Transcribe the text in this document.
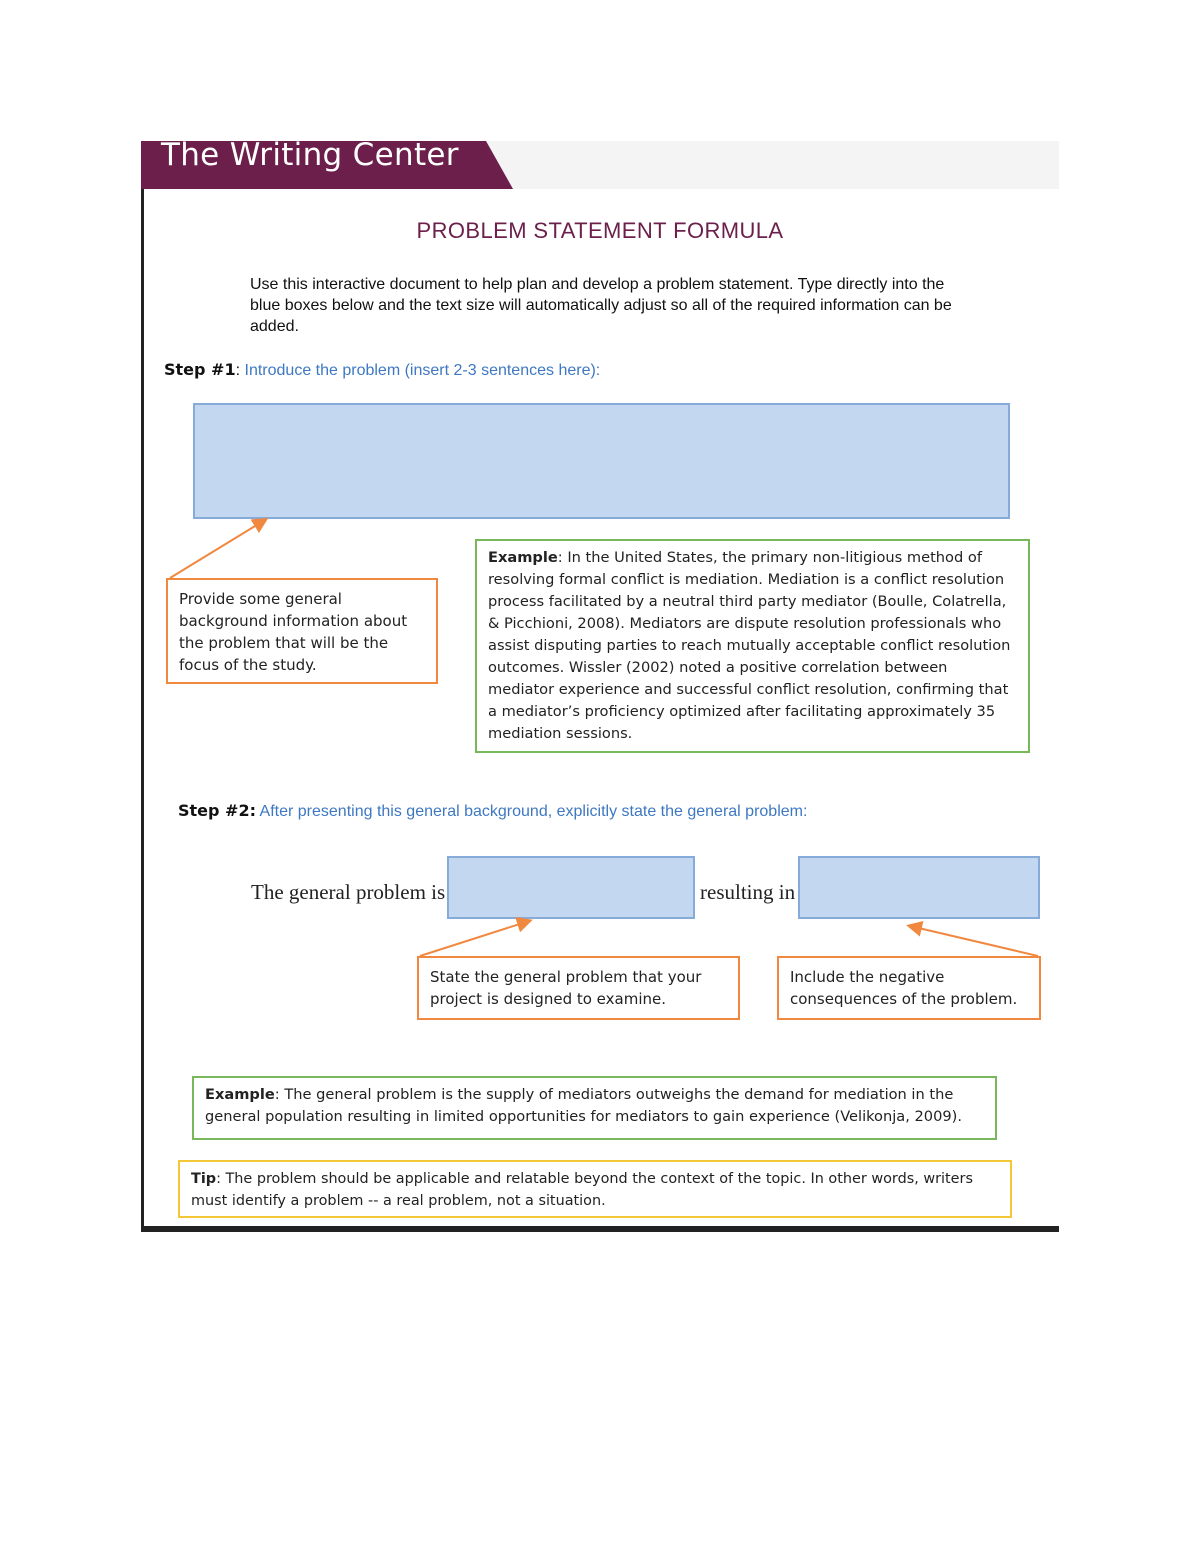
The Writing Center
PROBLEM STATEMENT FORMULA
Use this interactive document to help plan and develop a problem statement. Type directly into the blue boxes below and the text size will automatically adjust so all of the required information can be added.
Step #1: Introduce the problem (insert 2-3 sentences here):
Provide some general background information about the problem that will be the focus of the study.
Example: In the United States, the primary non-litigious method of resolving formal conflict is mediation. Mediation is a conflict resolution process facilitated by a neutral third party mediator (Boulle, Colatrella, & Picchioni, 2008). Mediators are dispute resolution professionals who assist disputing parties to reach mutually acceptable conflict resolution outcomes. Wissler (2002) noted a positive correlation between mediator experience and successful conflict resolution, confirming that a mediator’s proficiency optimized after facilitating approximately 35 mediation sessions.
Step #2: After presenting this general background, explicitly state the general problem:
The general problem is	resulting in
State the general problem that your project is designed to examine.
Include the negative consequences of the problem.
Example: The general problem is the supply of mediators outweighs the demand for mediation in the general population resulting in limited opportunities for mediators to gain experience (Velikonja, 2009).
Tip: The problem should be applicable and relatable beyond the context of the topic. In other words, writers must identify a problem -- a real problem, not a situation.
